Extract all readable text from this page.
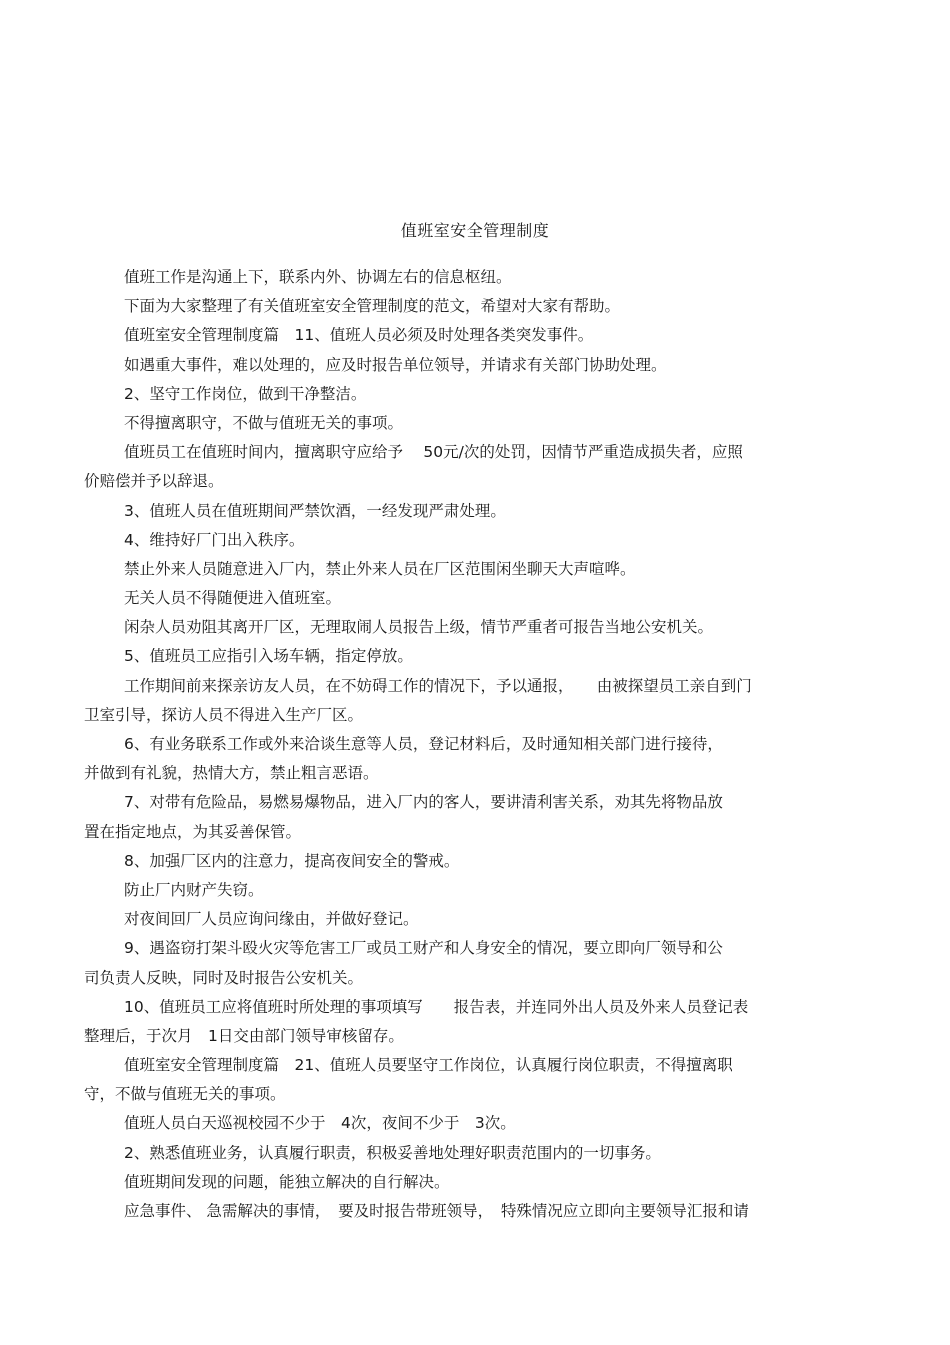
值班室安全管理制度
值班工作是沟通上下，联系内外、协调左右的信息枢纽。
下面为大家整理了有关值班室安全管理制度的范文，希望对大家有帮助。
值班室安全管理制度篇　11、值班人员必须及时处理各类突发事件。
如遇重大事件，难以处理的，应及时报告单位领导，并请求有关部门协助处理。
2、坚守工作岗位，做到干净整洁。
不得擅离职守，不做与值班无关的事项。
值班员工在值班时间内，擅离职守应给予　 50元/次的处罚，因情节严重造成损失者，应照
价赔偿并予以辞退。
3、值班人员在值班期间严禁饮酒，一经发现严肃处理。
4、维持好厂门出入秩序。
禁止外来人员随意进入厂内，禁止外来人员在厂区范围闲坐聊天大声喧哗。
无关人员不得随便进入值班室。
闲杂人员劝阻其离开厂区，无理取闹人员报告上级，情节严重者可报告当地公安机关。
5、值班员工应指引入场车辆，指定停放。
工作期间前来探亲访友人员，在不妨碍工作的情况下，予以通报，　　由被探望员工亲自到门
卫室引导，探访人员不得进入生产厂区。
6、有业务联系工作或外来洽谈生意等人员，登记材料后，及时通知相关部门进行接待，
并做到有礼貌，热情大方，禁止粗言恶语。
7、对带有危险品，易燃易爆物品，进入厂内的客人，要讲清利害关系，劝其先将物品放
置在指定地点，为其妥善保管。
8、加强厂区内的注意力，提高夜间安全的警戒。
防止厂内财产失窃。
对夜间回厂人员应询问缘由，并做好登记。
9、遇盗窃打架斗殴火灾等危害工厂或员工财产和人身安全的情况，要立即向厂领导和公
司负责人反映，同时及时报告公安机关。
10、值班员工应将值班时所处理的事项填写　　报告表，并连同外出人员及外来人员登记表
整理后，于次月　1日交由部门领导审核留存。
值班室安全管理制度篇　21、值班人员要坚守工作岗位，认真履行岗位职责，不得擅离职
守，不做与值班无关的事项。
值班人员白天巡视校园不少于　4次，夜间不少于　3次。
2、熟悉值班业务，认真履行职责，积极妥善地处理好职责范围内的一切事务。
值班期间发现的问题，能独立解决的自行解决。
应急事件、 急需解决的事情，　要及时报告带班领导，　特殊情况应立即向主要领导汇报和请
